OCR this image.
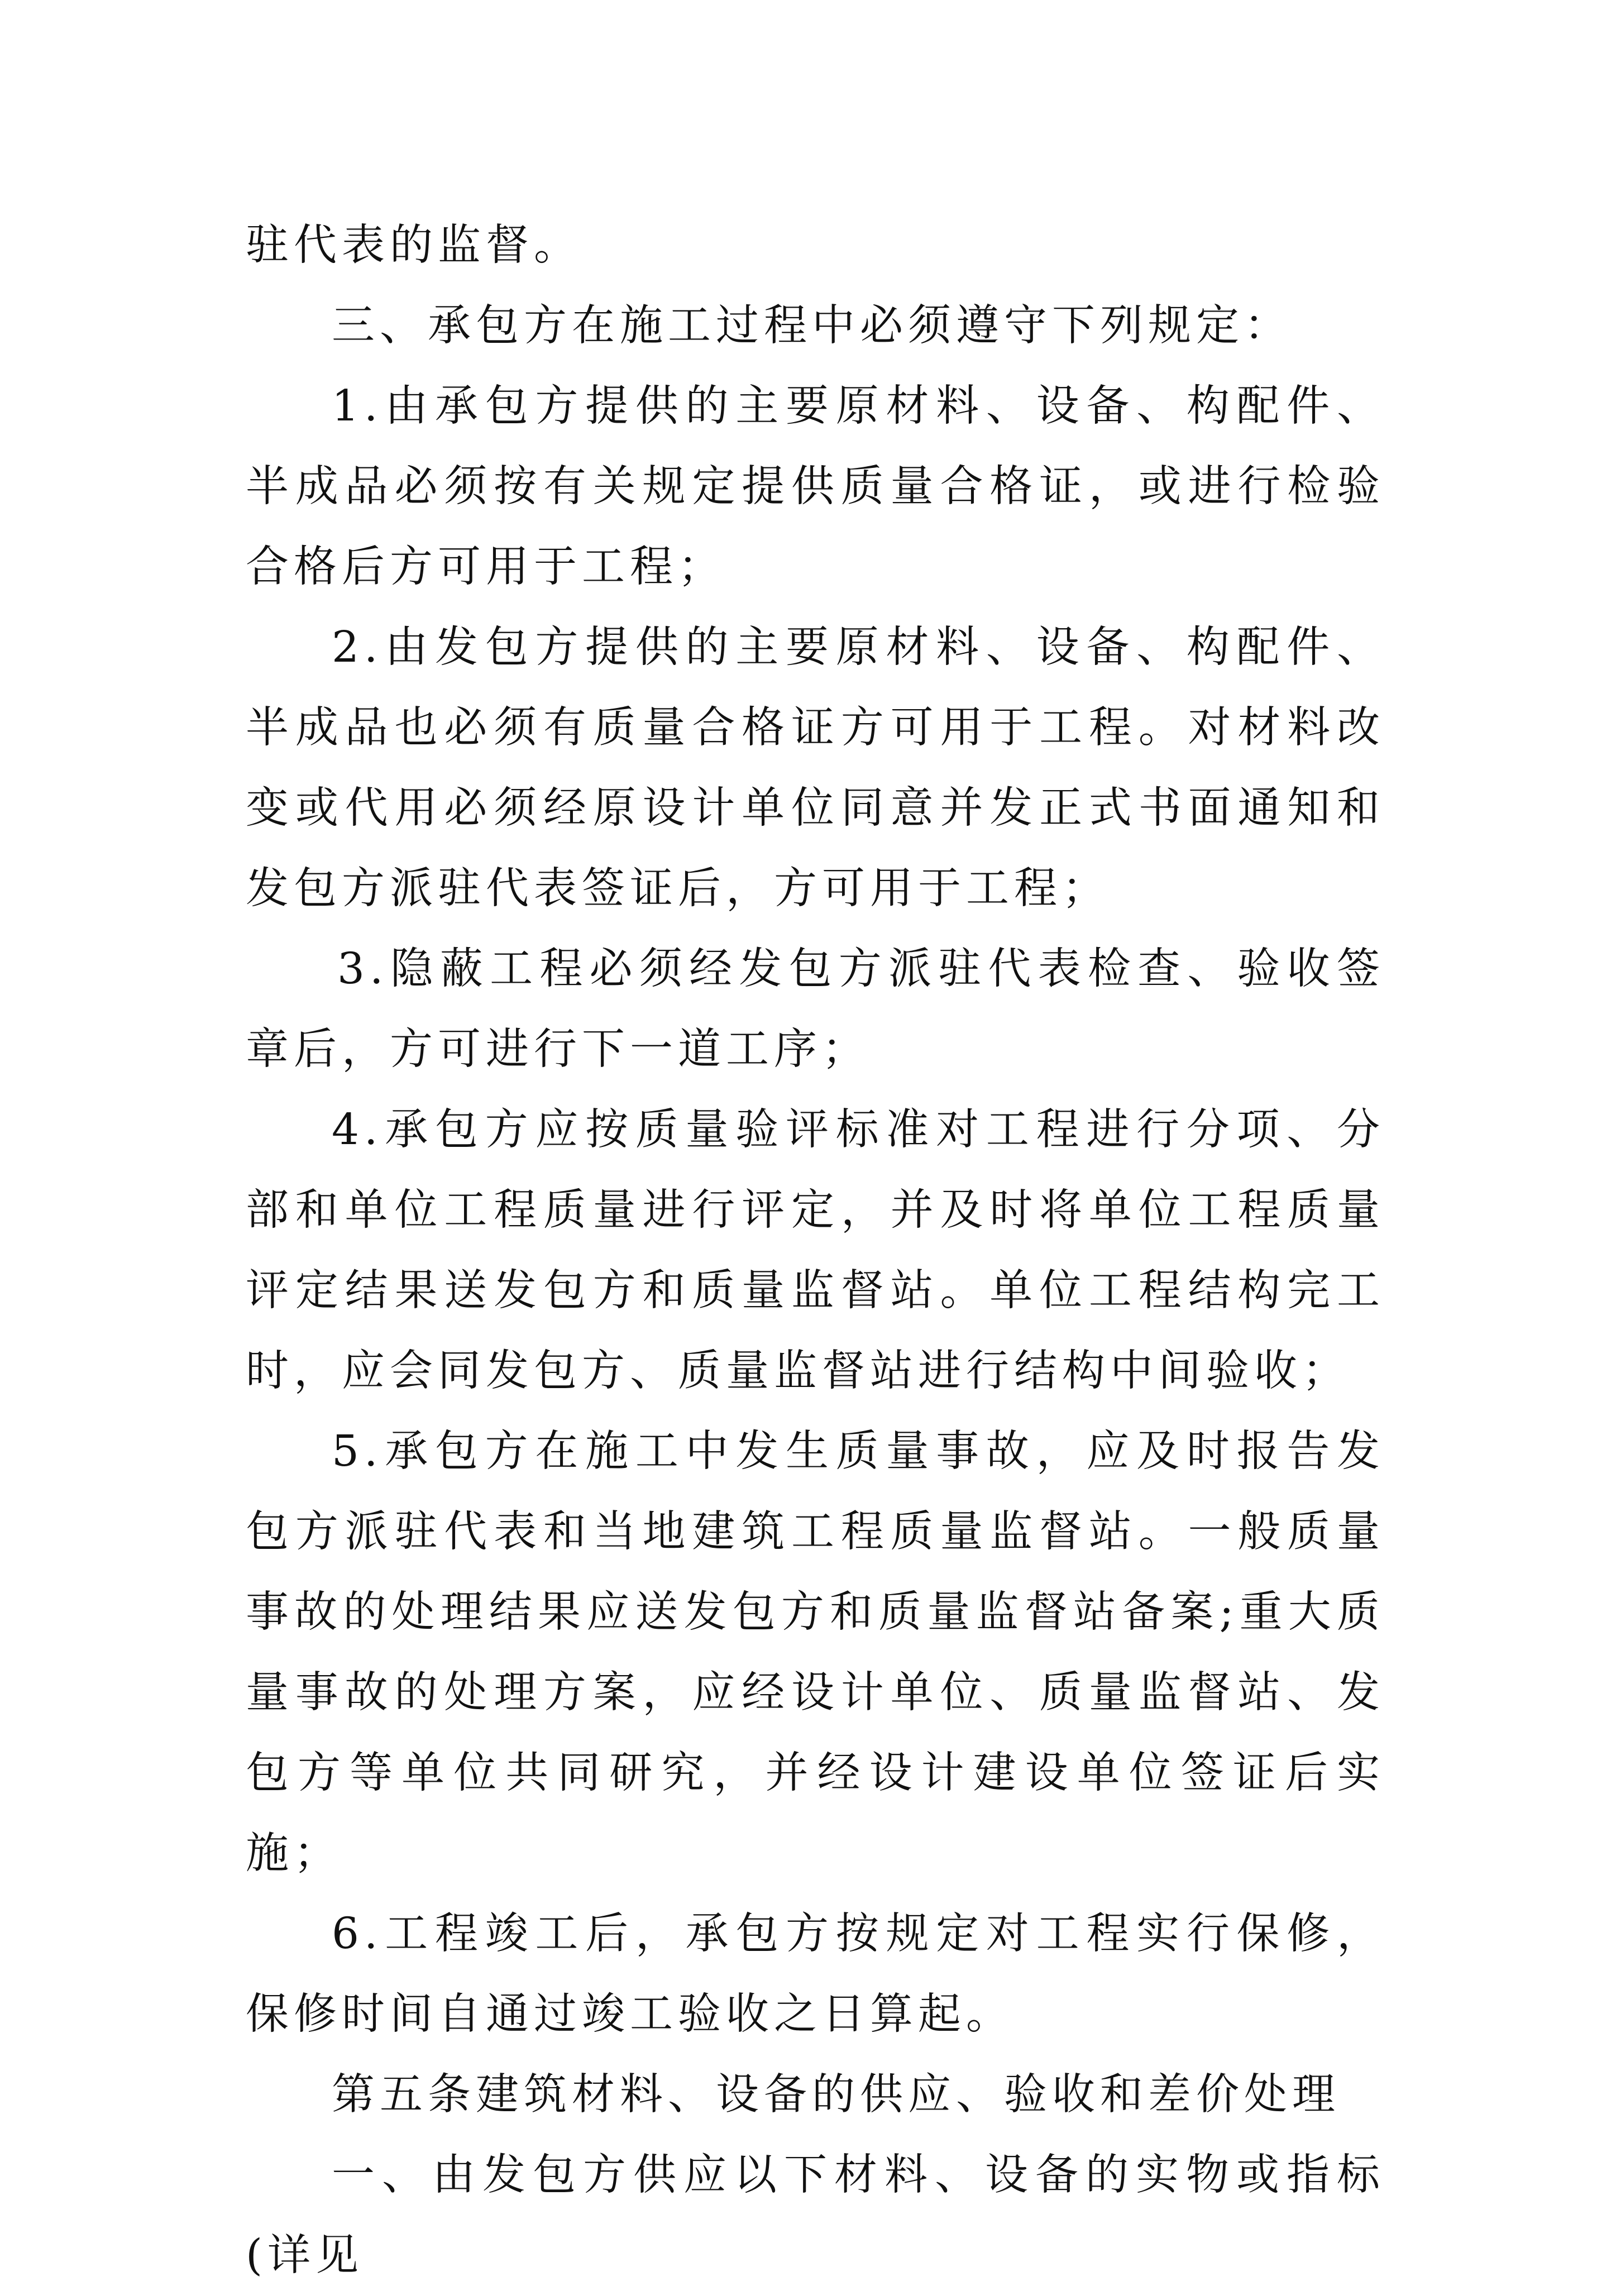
驻代表的监督。

三、承包方在施工过程中必须遵守下列规定：

1.由承包方提供的主要原材料、设备、构配件、半成品必须按有关规定提供质量合格证，或进行检验合格后方可用于工程；

2.由发包方提供的主要原材料、设备、构配件、半成品也必须有质量合格证方可用于工程。对材料改变或代用必须经原设计单位同意并发正式书面通知和发包方派驻代表签证后，方可用于工程；

3.隐蔽工程必须经发包方派驻代表检查、验收签章后，方可进行下一道工序；

4.承包方应按质量验评标准对工程进行分项、分部和单位工程质量进行评定，并及时将单位工程质量评定结果送发包方和质量监督站。单位工程结构完工时，应会同发包方、质量监督站进行结构中间验收；

5.承包方在施工中发生质量事故，应及时报告发包方派驻代表和当地建筑工程质量监督站。一般质量事故的处理结果应送发包方和质量监督站备案;重大质量事故的处理方案，应经设计单位、质量监督站、发包方等单位共同研究，并经设计建设单位签证后实施；

6.工程竣工后，承包方按规定对工程实行保修，保修时间自通过竣工验收之日算起。

第五条建筑材料、设备的供应、验收和差价处理

一、由发包方供应以下材料、设备的实物或指标(详见
